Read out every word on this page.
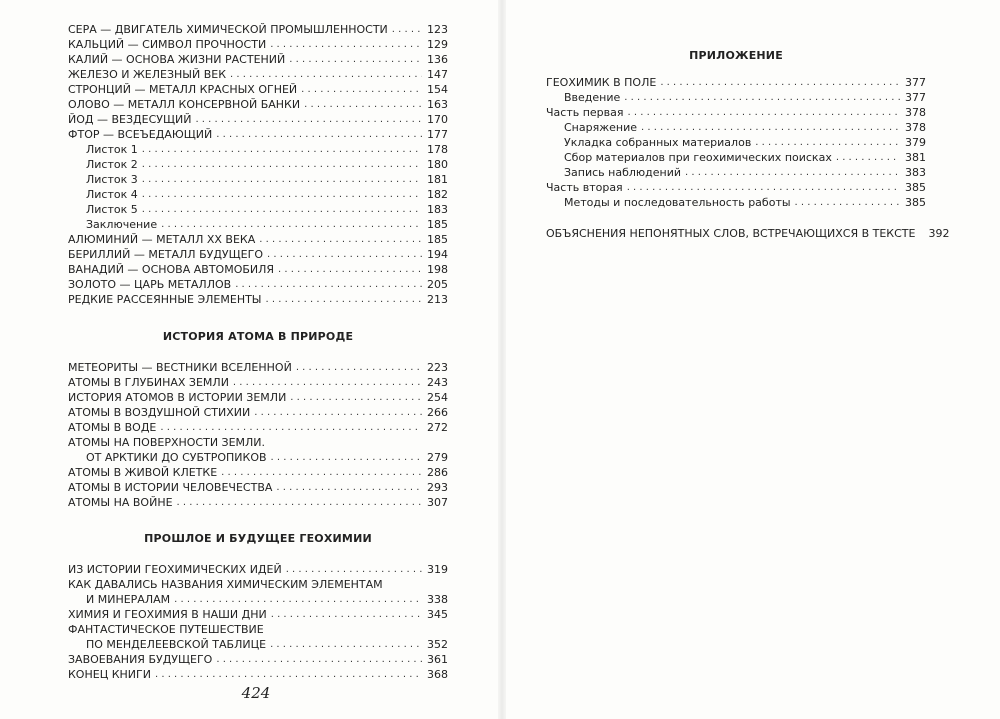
СЕРА — ДВИГАТЕЛЬ ХИМИЧЕСКОЙ ПРОМЫШЛЕННОСТИ . . .	123
КАЛЬЦИЙ — СИМВОЛ ПРОЧНОСТИ . . .	129
КАЛИЙ — ОСНОВА ЖИЗНИ РАСТЕНИЙ . . .	136
ЖЕЛЕЗО И ЖЕЛЕЗНЫЙ ВЕК . . .	147
СТРОНЦИЙ — МЕТАЛЛ КРАСНЫХ ОГНЕЙ . . .	154
ОЛОВО — МЕТАЛЛ КОНСЕРВНОЙ БАНКИ . . .	163
ЙОД — ВЕЗДЕСУЩИЙ . . .	170
ФТОР — ВСЕЪЕДАЮЩИЙ . . .	177
Листок 1 . . .	178
Листок 2 . . .	180
Листок 3 . . .	181
Листок 4 . . .	182
Листок 5 . . .	183
Заключение . . .	185
АЛЮМИНИЙ — МЕТАЛЛ XX ВЕКА . . .	185
БЕРИЛЛИЙ — МЕТАЛЛ БУДУЩЕГО . . .	194
ВАНАДИЙ — ОСНОВА АВТОМОБИЛЯ . . .	198
ЗОЛОТО — ЦАРЬ МЕТАЛЛОВ . . .	205
РЕДКИЕ РАССЕЯННЫЕ ЭЛЕМЕНТЫ . . .	213
ИСТОРИЯ АТОМА В ПРИРОДЕ
МЕТЕОРИТЫ — ВЕСТНИКИ ВСЕЛЕННОЙ . . .	223
АТОМЫ В ГЛУБИНАХ ЗЕМЛИ . . .	243
ИСТОРИЯ АТОМОВ В ИСТОРИИ ЗЕМЛИ . . .	254
АТОМЫ В ВОЗДУШНОЙ СТИХИИ . . .	266
АТОМЫ В ВОДЕ . . .	272
АТОМЫ НА ПОВЕРХНОСТИ ЗЕМЛИ.
ОТ АРКТИКИ ДО СУБТРОПИКОВ . . .	279
АТОМЫ В ЖИВОЙ КЛЕТКЕ . . .	286
АТОМЫ В ИСТОРИИ ЧЕЛОВЕЧЕСТВА . . .	293
АТОМЫ НА ВОЙНЕ . . .	307
ПРОШЛОЕ И БУДУЩЕЕ ГЕОХИМИИ
ИЗ ИСТОРИИ ГЕОХИМИЧЕСКИХ ИДЕЙ . . .	319
КАК ДАВАЛИСЬ НАЗВАНИЯ ХИМИЧЕСКИМ ЭЛЕМЕНТАМ
И МИНЕРАЛАМ . . .	338
ХИМИЯ И ГЕОХИМИЯ В НАШИ ДНИ . . .	345
ФАНТАСТИЧЕСКОЕ ПУТЕШЕСТВИЕ
ПО МЕНДЕЛЕЕВСКОЙ ТАБЛИЦЕ . . .	352
ЗАВОЕВАНИЯ БУДУЩЕГО . . .	361
КОНЕЦ КНИГИ . . .	368
424
ПРИЛОЖЕНИЕ
ГЕОХИМИК В ПОЛЕ . . .	377
Введение . . .	377
Часть первая . . .	378
Снаряжение . . .	378
Укладка собранных материалов . . .	379
Сбор материалов при геохимических поисках . . .	381
Запись наблюдений . . .	383
Часть вторая . . .	385
Методы и последовательность работы . . .	385
ОБЪЯСНЕНИЯ НЕПОНЯТНЫХ СЛОВ, ВСТРЕЧАЮЩИХСЯ В ТЕКСТЕ 392
